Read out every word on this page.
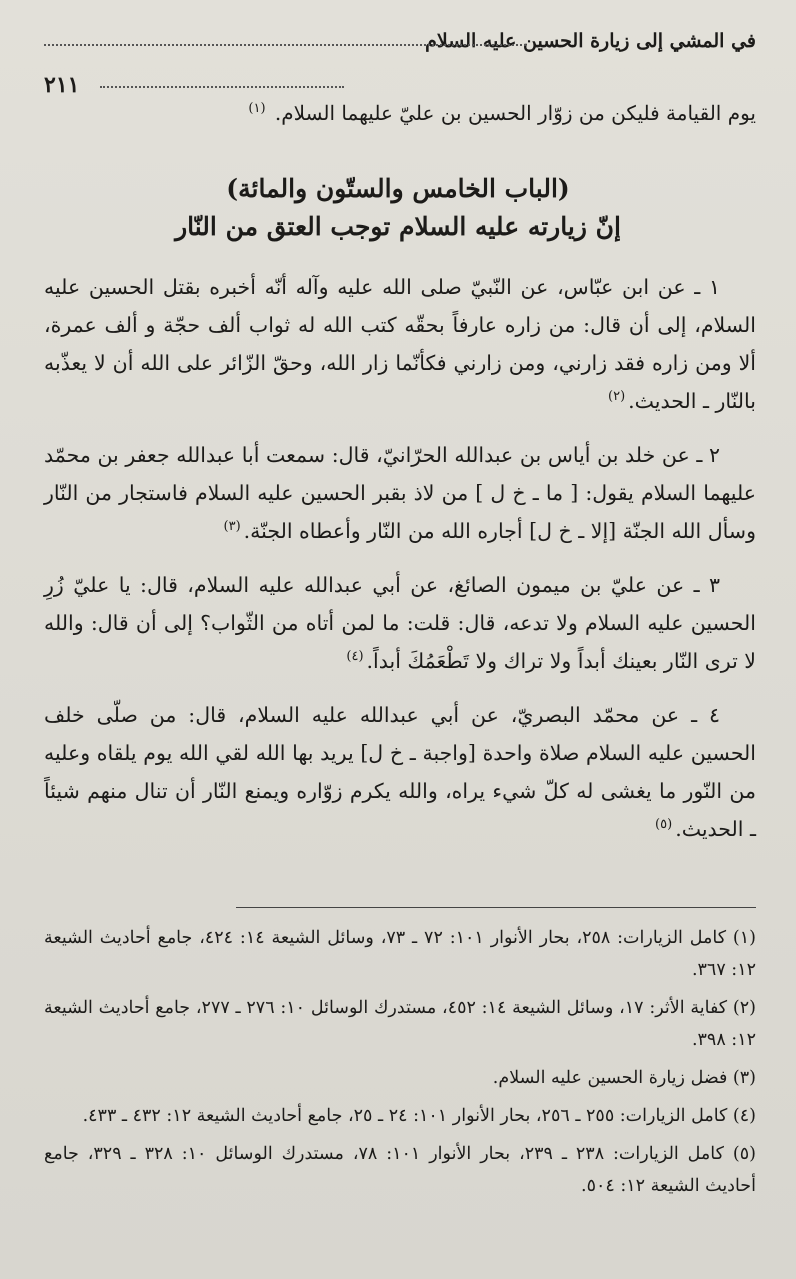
في المشي إلى زيارة الحسين عليه السلام
٢١١
يوم القيامة فليكن من زوّار الحسين بن عليّ عليهما السلام. $^{(١)}$
(الباب الخامس والستّون والمائة)
إنّ زيارته عليه السلام توجب العتق من النّار

١ ـ عن ابن عبّاس، عن النّبيّ صلى الله عليه وآله أنّه أخبره بقتل الحسين عليه السلام، إلى أن قال: من زاره عارفاً بحقّه كتب الله له ثواب ألف حجّة و ألف عمرة، ألا ومن زاره فقد زارني، ومن زارني فكأنّما زار الله، وحقّ الزّائر على الله أن لا يعذّبه بالنّار ـ الحديث.$^{(٢)}$

٢ ـ عن خلد بن أياس بن عبدالله الحرّانيّ، قال: سمعت أبا عبدالله جعفر بن محمّد عليهما السلام يقول: [ ما ـ خ ل ] من لاذ بقبر الحسين عليه السلام فاستجار من النّار وسأل الله الجنّة [إلا ـ خ ل] أجاره الله من النّار وأعطاه الجنّة.$^{(٣)}$

٣ ـ عن عليّ بن ميمون الصائغ، عن أبي عبدالله عليه السلام، قال: يا عليّ زُرِ الحسين عليه السلام ولا تدعه، قال: قلت: ما لمن أتاه من الثّواب؟ إلى أن قال: والله لا ترى النّار بعينك أبداً ولا تراك ولا تَطْعَمُكَ أبداً.$^{(٤)}$

٤ ـ عن محمّد البصريّ، عن أبي عبدالله عليه السلام، قال: من صلّى خلف الحسين عليه السلام صلاة واحدة [واجبة ـ خ ل] يريد بها الله لقي الله يوم يلقاه وعليه من النّور ما يغشى له كلّ شيء يراه، والله يكرم زوّاره ويمنع النّار أن تنال منهم شيئاً ـ الحديث.$^{(٥)}$

(١) كامل الزيارات: ٢٥٨، بحار الأنوار ١٠١: ٧٢ ـ ٧٣، وسائل الشيعة ١٤: ٤٢٤، جامع أحاديث الشيعة ١٢: ٣٦٧.
(٢) كفاية الأثر: ١٧، وسائل الشيعة ١٤: ٤٥٢، مستدرك الوسائل ١٠: ٢٧٦ ـ ٢٧٧، جامع أحاديث الشيعة ١٢: ٣٩٨.
(٣) فضل زيارة الحسين عليه السلام.
(٤) كامل الزيارات: ٢٥٥ ـ ٢٥٦، بحار الأنوار ١٠١: ٢٤ ـ ٢٥، جامع أحاديث الشيعة ١٢: ٤٣٢ ـ ٤٣٣.
(٥) كامل الزيارات: ٢٣٨ ـ ٢٣٩، بحار الأنوار ١٠١: ٧٨، مستدرك الوسائل ١٠: ٣٢٨ ـ ٣٢٩، جامع أحاديث الشيعة ١٢: ٥٠٤.
